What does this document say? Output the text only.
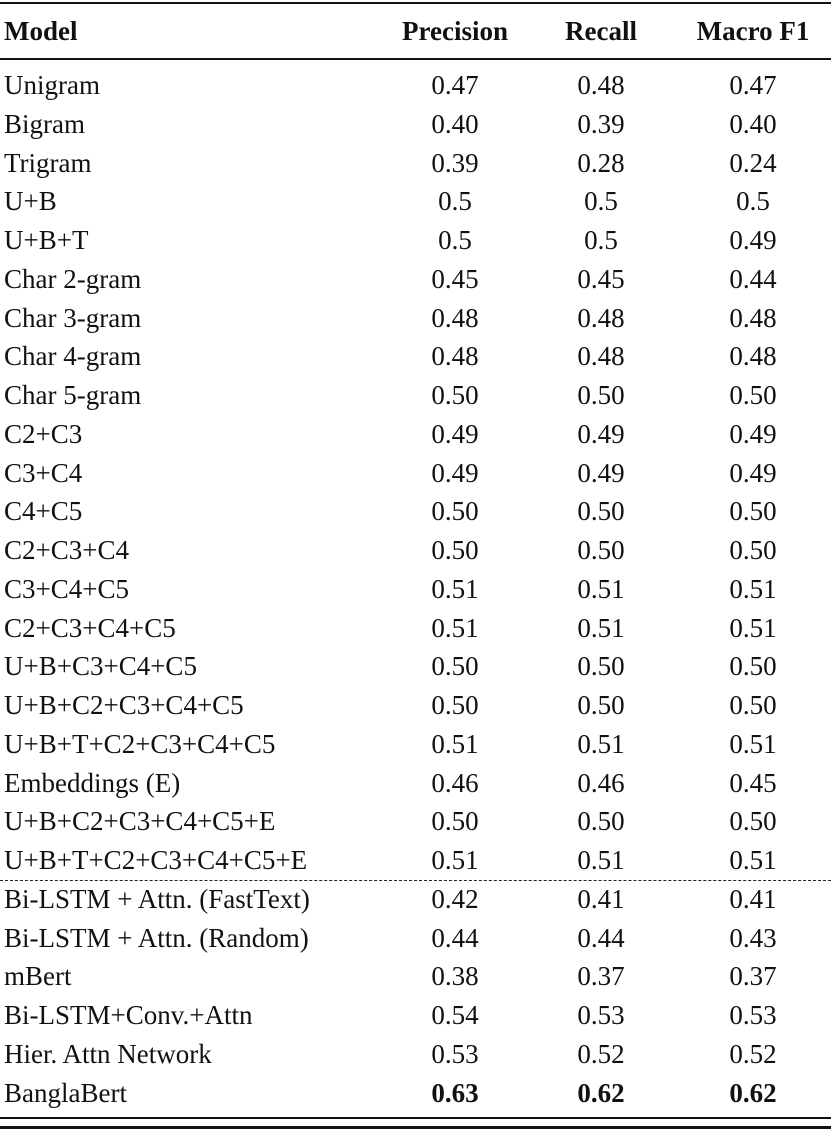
Model	Precision	Recall	Macro F1
Unigram	0.47	0.48	0.47
Bigram	0.40	0.39	0.40
Trigram	0.39	0.28	0.24
U+B	0.5	0.5	0.5
U+B+T	0.5	0.5	0.49
Char 2-gram	0.45	0.45	0.44
Char 3-gram	0.48	0.48	0.48
Char 4-gram	0.48	0.48	0.48
Char 5-gram	0.50	0.50	0.50
C2+C3	0.49	0.49	0.49
C3+C4	0.49	0.49	0.49
C4+C5	0.50	0.50	0.50
C2+C3+C4	0.50	0.50	0.50
C3+C4+C5	0.51	0.51	0.51
C2+C3+C4+C5	0.51	0.51	0.51
U+B+C3+C4+C5	0.50	0.50	0.50
U+B+C2+C3+C4+C5	0.50	0.50	0.50
U+B+T+C2+C3+C4+C5	0.51	0.51	0.51
Embeddings (E)	0.46	0.46	0.45
U+B+C2+C3+C4+C5+E	0.50	0.50	0.50
U+B+T+C2+C3+C4+C5+E	0.51	0.51	0.51
Bi-LSTM + Attn. (FastText)	0.42	0.41	0.41
Bi-LSTM + Attn. (Random)	0.44	0.44	0.43
mBert	0.38	0.37	0.37
Bi-LSTM+Conv.+Attn	0.54	0.53	0.53
Hier. Attn Network	0.53	0.52	0.52
BanglaBert	0.63	0.62	0.62
